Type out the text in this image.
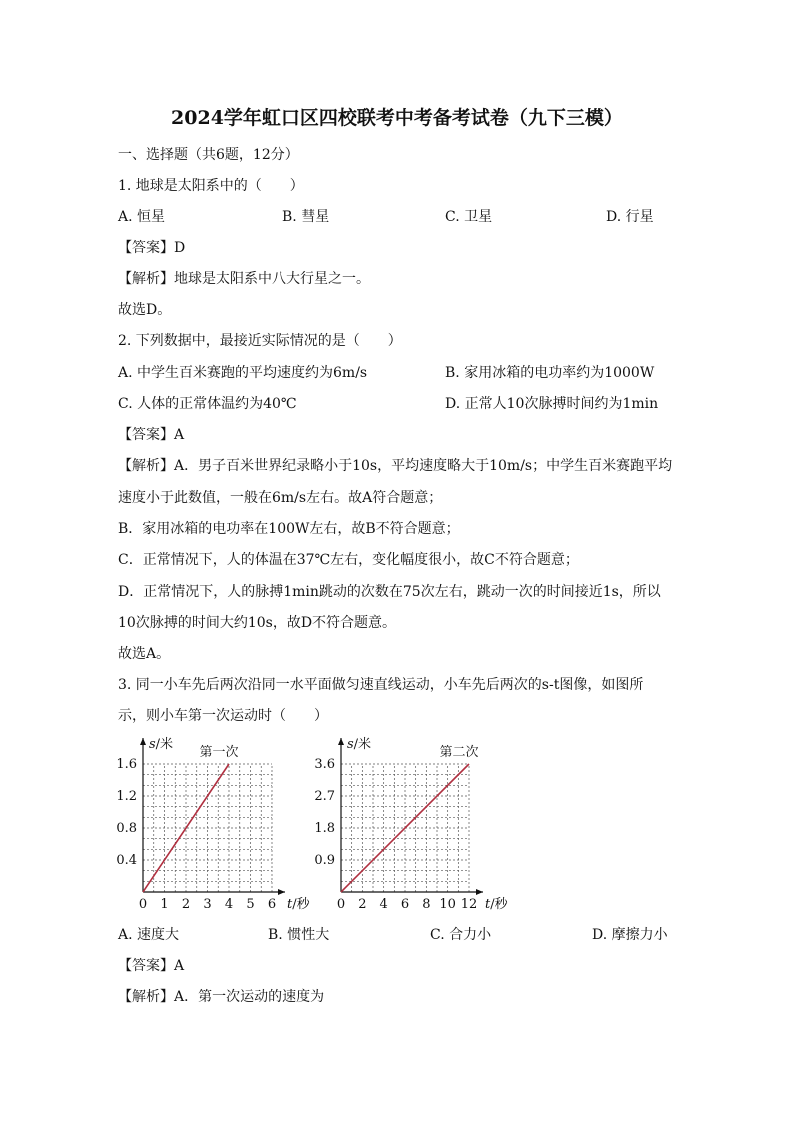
2024学年虹口区四校联考中考备考试卷（九下三模）
一、选择题（共6题，12分）
1. 地球是太阳系中的（　　）
A. 恒星	B. 彗星	C. 卫星	D. 行星
【答案】D
【解析】地球是太阳系中八大行星之一。
故选D。
2. 下列数据中，最接近实际情况的是（　　）
A. 中学生百米赛跑的平均速度约为6m/s	B. 家用冰箱的电功率约为1000W
C. 人体的正常体温约为40℃	D. 正常人10次脉搏时间约为1min
【答案】A
【解析】A．男子百米世界纪录略小于10s，平均速度略大于10m/s；中学生百米赛跑平均
速度小于此数值，一般在6m/s左右。故A符合题意；
B．家用冰箱的电功率在100W左右，故B不符合题意；
C．正常情况下，人的体温在37℃左右，变化幅度很小，故C不符合题意；
D．正常情况下，人的脉搏1min跳动的次数在75次左右，跳动一次的时间接近1s，所以
10次脉搏的时间大约10s，故D不符合题意。
故选A。
3. 同一小车先后两次沿同一水平面做匀速直线运动，小车先后两次的s-t图像，如图所
示，则小车第一次运动时（　　）
0 1 2 3 4 5 6
0.4
0.8
1.2
1.6
s/米
t/秒
第一次
0 2 4 6 8 10 12
0.9
1.8
2.7
3.6
s/米
t/秒
第二次
A. 速度大	B. 惯性大	C. 合力小	D. 摩擦力小
【答案】A
【解析】A．第一次运动的速度为
